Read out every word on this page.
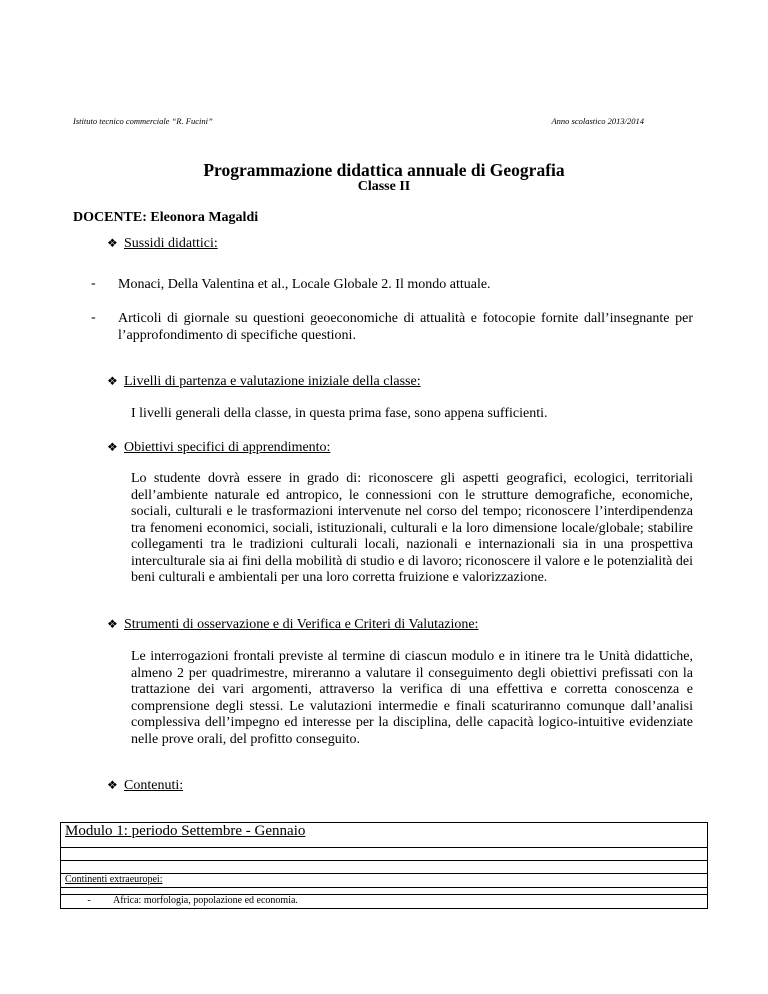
Istituto tecnico commerciale “R. Fucini”	Anno scolastico 2013/2014
Programmazione didattica annuale di Geografia
Classe II
DOCENTE: Eleonora Magaldi
❖ Sussidi didattici:
- Monaci, Della Valentina et al., Locale Globale 2. Il mondo attuale.

- Articoli di giornale su questioni geoeconomiche di attualità e fotocopie fornite dall’insegnante per l’approfondimento di specifiche questioni.

❖ Livelli di partenza e valutazione iniziale della classe:

I livelli generali della classe, in questa prima fase, sono appena sufficienti.

❖ Obiettivi specifici di apprendimento:

Lo studente dovrà essere in grado di: riconoscere gli aspetti geografici, ecologici, territoriali dell’ambiente naturale ed antropico, le connessioni con le strutture demografiche, economiche, sociali, culturali e le trasformazioni intervenute nel corso del tempo; riconoscere l’interdipendenza tra fenomeni economici, sociali, istituzionali, culturali e la loro dimensione locale/globale; stabilire collegamenti tra le tradizioni culturali locali, nazionali e internazionali sia in una prospettiva interculturale sia ai fini della mobilità di studio e di lavoro; riconoscere il valore e le potenzialità dei beni culturali e ambientali per una loro corretta fruizione e valorizzazione.

❖ Strumenti di osservazione e di Verifica e Criteri di Valutazione:

Le interrogazioni frontali previste al termine di ciascun modulo e in itinere tra le Unità didattiche, almeno 2 per quadrimestre, mireranno a valutare il conseguimento degli obiettivi prefissati con la trattazione dei vari argomenti, attraverso la verifica di una effettiva e corretta conoscenza e comprensione degli stessi. Le valutazioni intermedie e finali scaturiranno comunque dall’analisi complessiva dell’impegno ed interesse per la disciplina, delle capacità logico-intuitive evidenziate nelle prove orali, del profitto conseguito.

❖ Contenuti:
Modulo 1: periodo Settembre - Gennaio

Continenti extraeuropei:

- Africa: morfologia, popolazione ed economia.
